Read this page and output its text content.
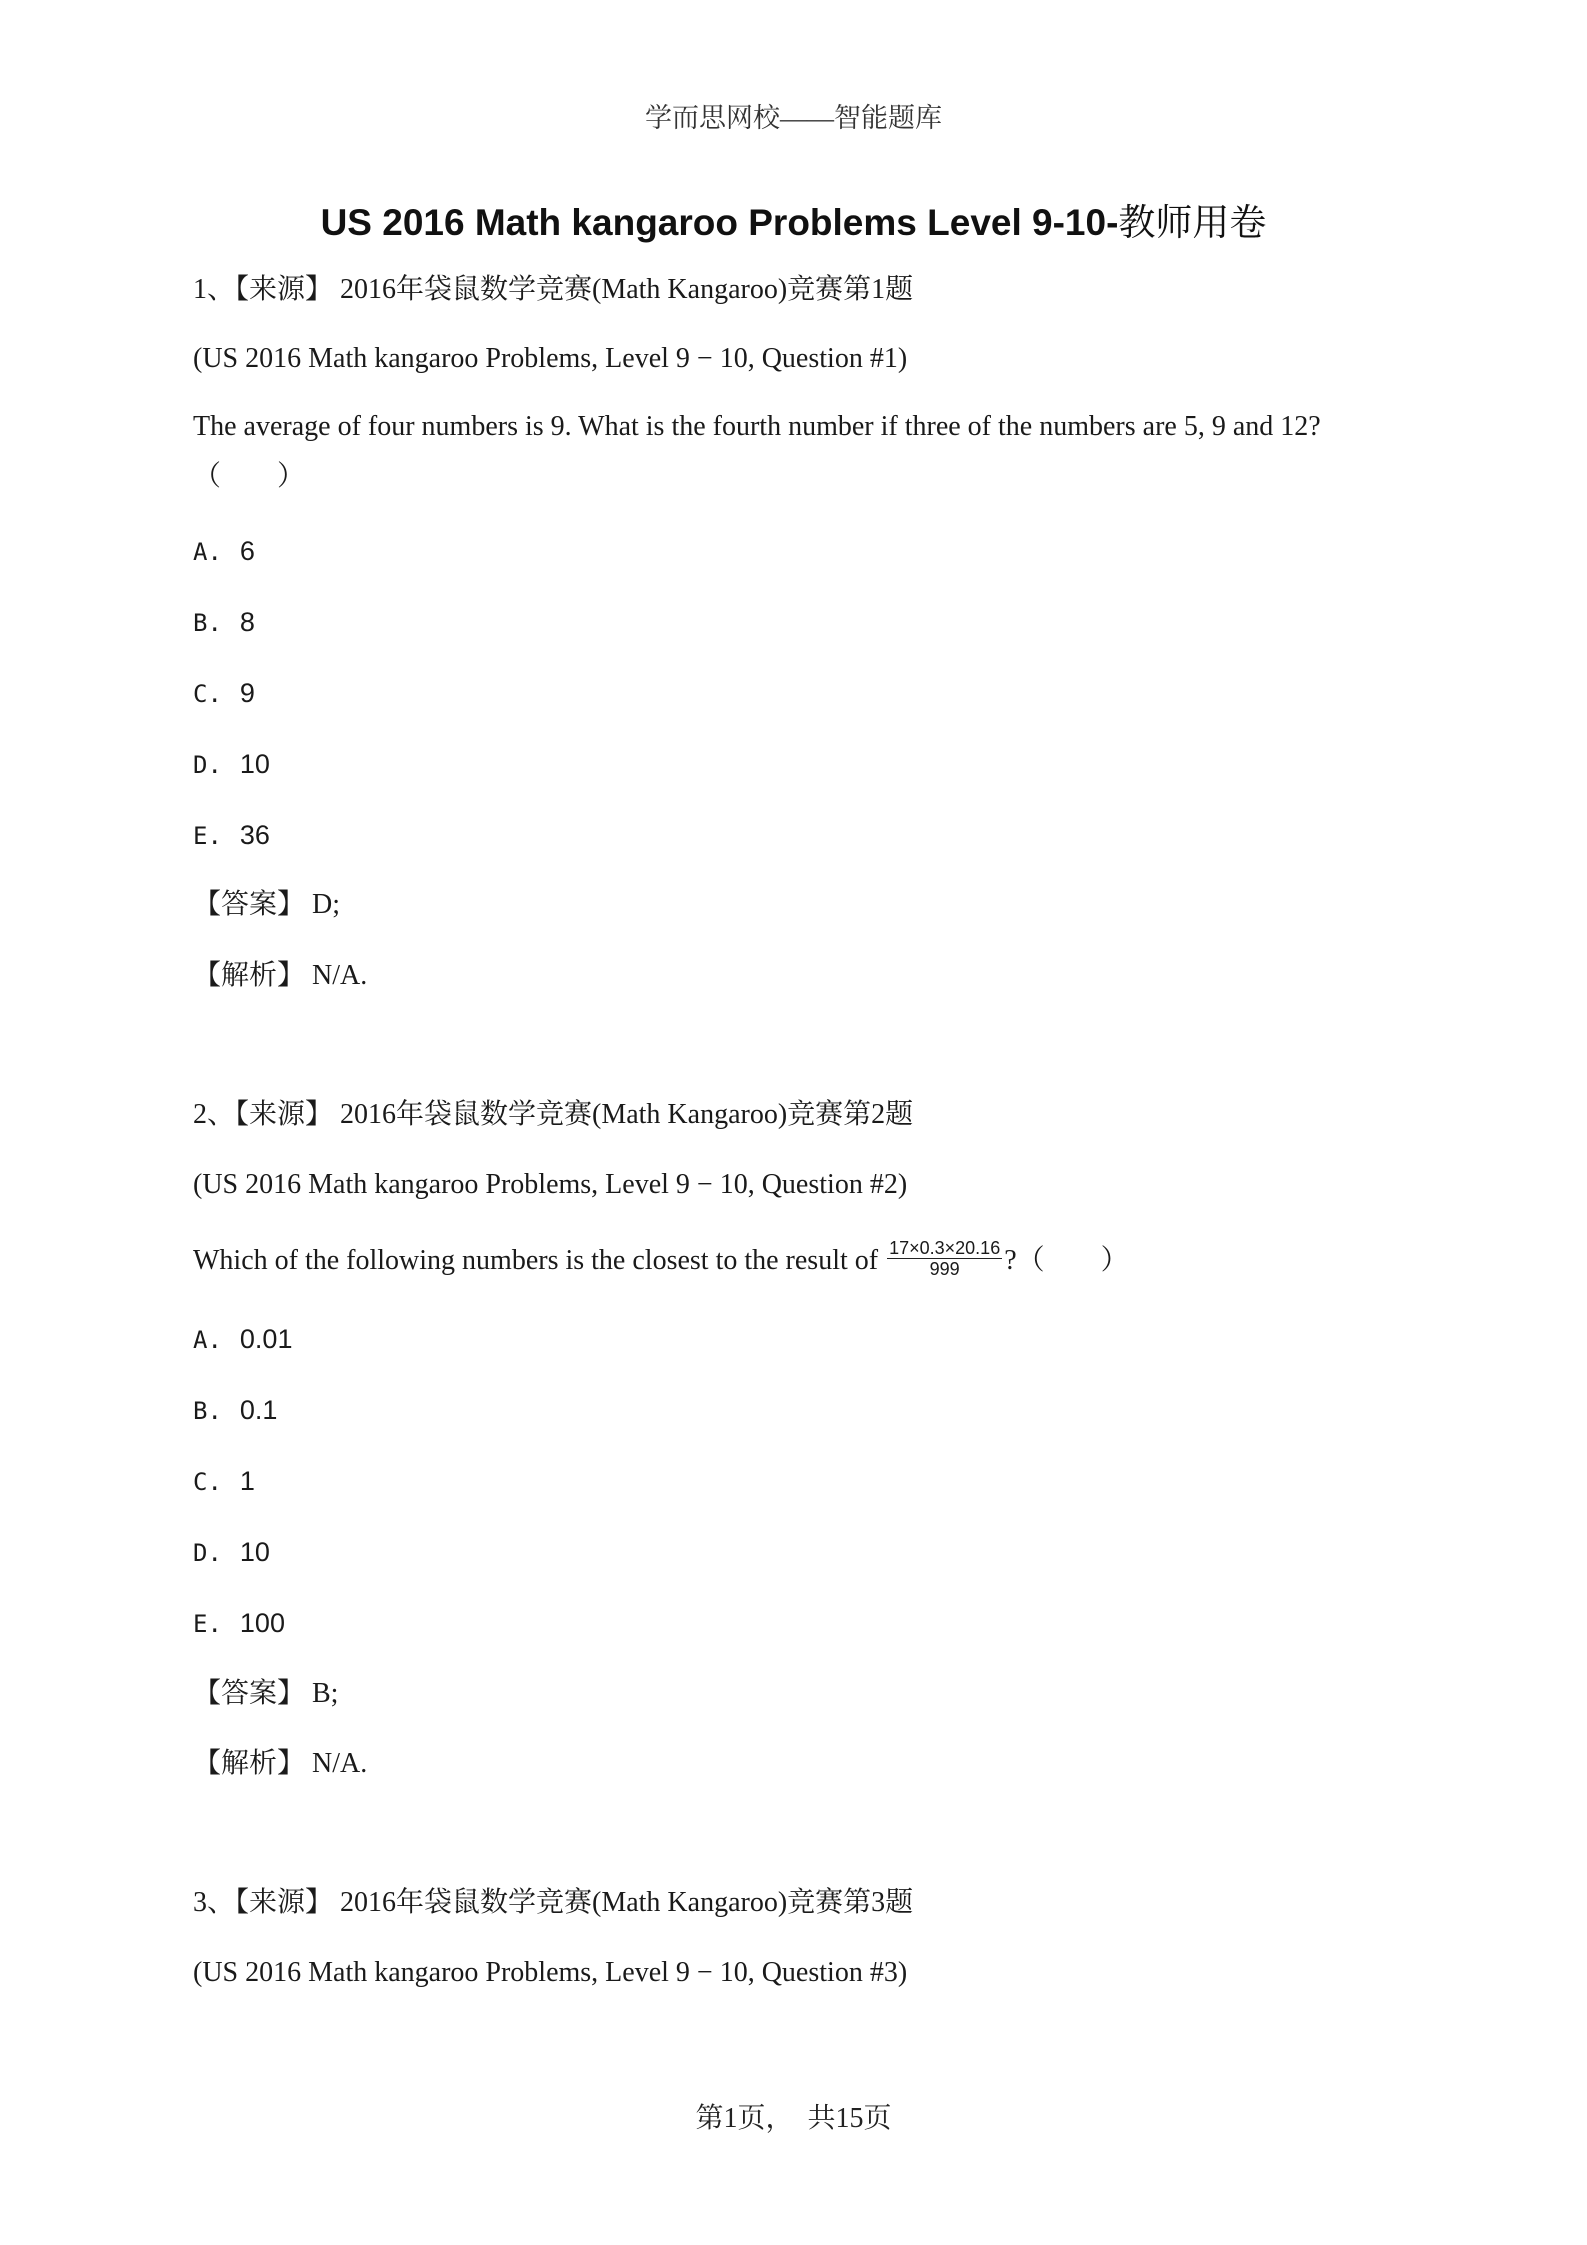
学而思网校——智能题库
US 2016 Math kangaroo Problems Level 9-10-教师用卷
1、【来源】 2016年袋鼠数学竞赛(Math Kangaroo)竞赛第1题
(US 2016 Math kangaroo Problems, Level 9 − 10, Question #1)
The average of four numbers is 9. What is the fourth number if three of the numbers are 5, 9 and 12?
（　　）
A. 6
B. 8
C. 9
D. 10
E. 36
【答案】 D;
【解析】 N/A.
2、【来源】 2016年袋鼠数学竞赛(Math Kangaroo)竞赛第2题
(US 2016 Math kangaroo Problems, Level 9 − 10, Question #2)
Which of the following numbers is the closest to the result of $\frac{17\times 0.3\times 20.16}{999}$ ?（　　）
A. 0.01
B. 0.1
C. 1
D. 10
E. 100
【答案】 B;
【解析】 N/A.
3、【来源】 2016年袋鼠数学竞赛(Math Kangaroo)竞赛第3题
(US 2016 Math kangaroo Problems, Level 9 − 10, Question #3)
第1页，　共15页
